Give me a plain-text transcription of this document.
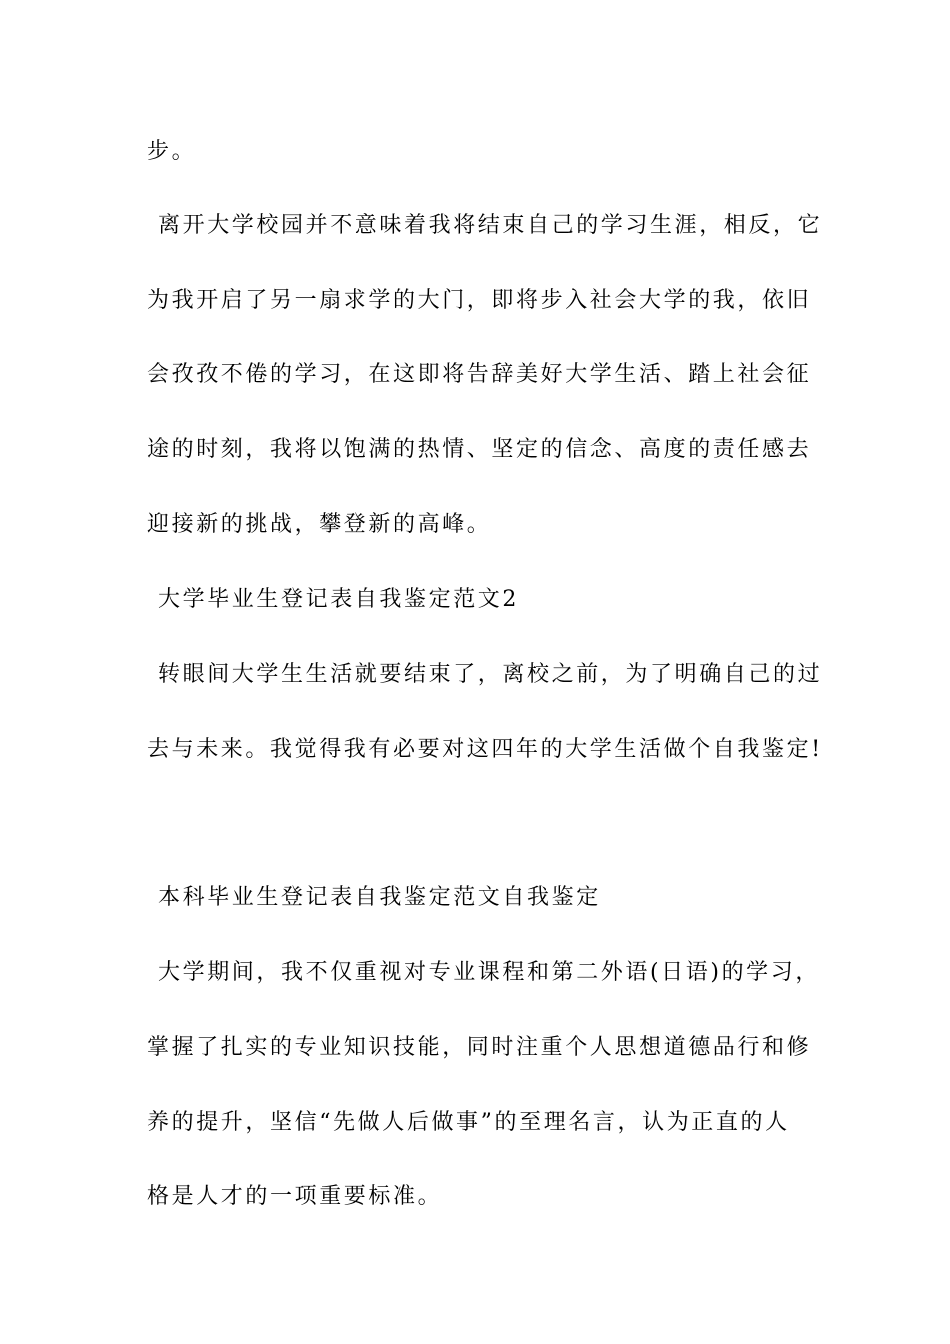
步。
离开大学校园并不意味着我将结束自己的学习生涯，相反，它
为我开启了另一扇求学的大门，即将步入社会大学的我，依旧
会孜孜不倦的学习，在这即将告辞美好大学生活、踏上社会征
途的时刻，我将以饱满的热情、坚定的信念、高度的责任感去
迎接新的挑战，攀登新的高峰。
大学毕业生登记表自我鉴定范文2
转眼间大学生生活就要结束了，离校之前，为了明确自己的过
去与未来。我觉得我有必要对这四年的大学生活做个自我鉴定!
本科毕业生登记表自我鉴定范文自我鉴定
大学期间，我不仅重视对专业课程和第二外语(日语)的学习，
掌握了扎实的专业知识技能，同时注重个人思想道德品行和修
养的提升，坚信“先做人后做事”的至理名言，认为正直的人
格是人才的一项重要标准。
